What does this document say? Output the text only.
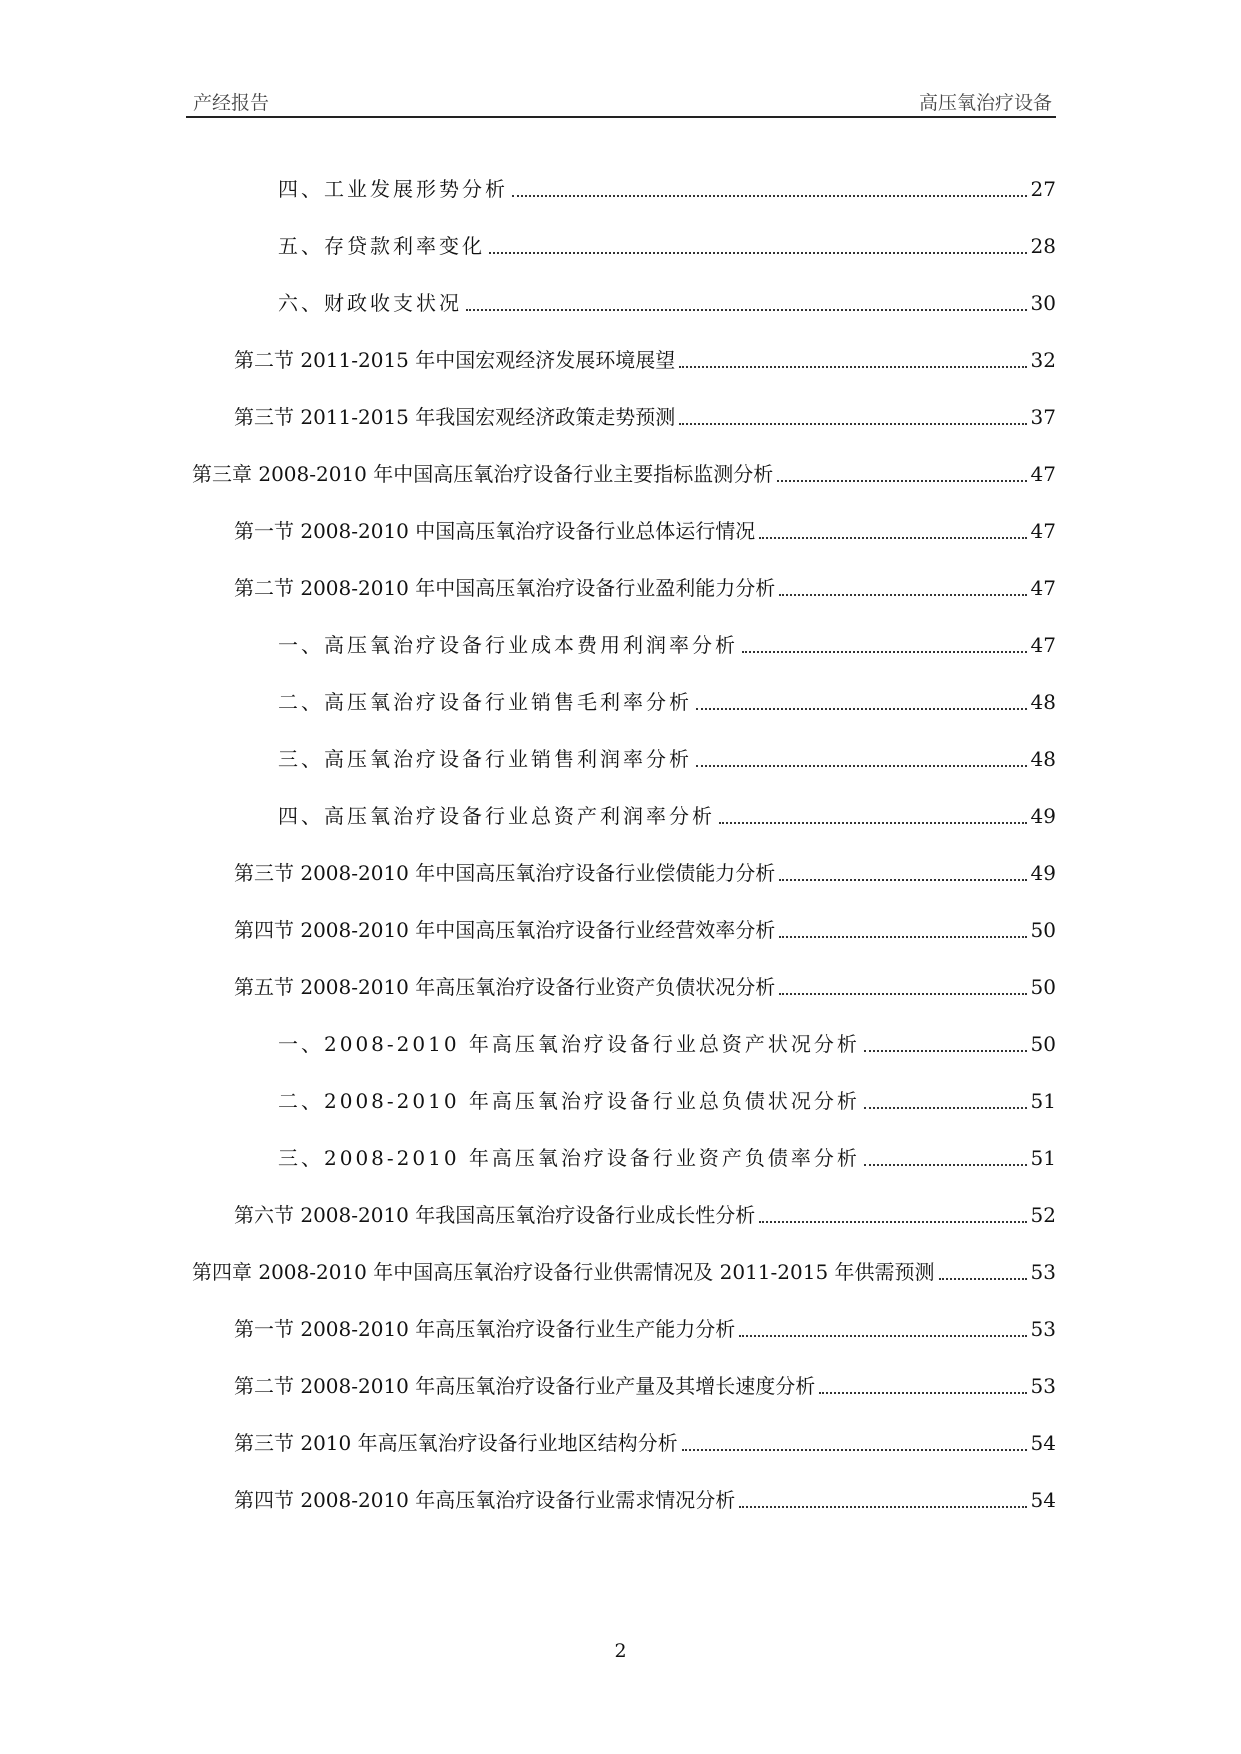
产经报告	高压氧治疗设备
四、工业发展形势分析	27
五、存贷款利率变化	28
六、财政收支状况	30
第二节 2011-2015 年中国宏观经济发展环境展望	32
第三节 2011-2015 年我国宏观经济政策走势预测	37
第三章 2008-2010 年中国高压氧治疗设备行业主要指标监测分析	47
第一节 2008-2010 中国高压氧治疗设备行业总体运行情况	47
第二节 2008-2010 年中国高压氧治疗设备行业盈利能力分析	47
一、高压氧治疗设备行业成本费用利润率分析	47
二、高压氧治疗设备行业销售毛利率分析	48
三、高压氧治疗设备行业销售利润率分析	48
四、高压氧治疗设备行业总资产利润率分析	49
第三节 2008-2010 年中国高压氧治疗设备行业偿债能力分析	49
第四节 2008-2010 年中国高压氧治疗设备行业经营效率分析	50
第五节 2008-2010 年高压氧治疗设备行业资产负债状况分析	50
一、2008-2010 年高压氧治疗设备行业总资产状况分析	50
二、2008-2010 年高压氧治疗设备行业总负债状况分析	51
三、2008-2010 年高压氧治疗设备行业资产负债率分析	51
第六节 2008-2010 年我国高压氧治疗设备行业成长性分析	52
第四章 2008-2010 年中国高压氧治疗设备行业供需情况及 2011-2015 年供需预测	53
第一节 2008-2010 年高压氧治疗设备行业生产能力分析	53
第二节 2008-2010 年高压氧治疗设备行业产量及其增长速度分析	53
第三节 2010 年高压氧治疗设备行业地区结构分析	54
第四节 2008-2010 年高压氧治疗设备行业需求情况分析	54
2
